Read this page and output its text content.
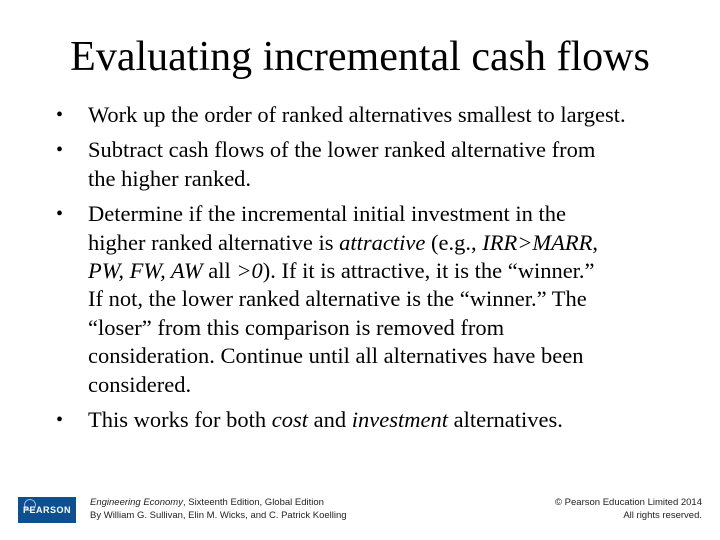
Evaluating incremental cash flows
• Work up the order of ranked alternatives smallest to largest.
• Subtract cash flows of the lower ranked alternative from
the higher ranked.
• Determine if the incremental initial investment in the
higher ranked alternative is attractive (e.g., IRR>MARR,
PW, FW, AW all >0). If it is attractive, it is the “winner.”
If not, the lower ranked alternative is the “winner.” The
“loser” from this comparison is removed from
consideration. Continue until all alternatives have been
considered.
• This works for both cost and investment alternatives.
PEARSON
Engineering Economy, Sixteenth Edition, Global Edition
By William G. Sullivan, Elin M. Wicks, and C. Patrick Koelling
© Pearson Education Limited 2014
All rights reserved.
